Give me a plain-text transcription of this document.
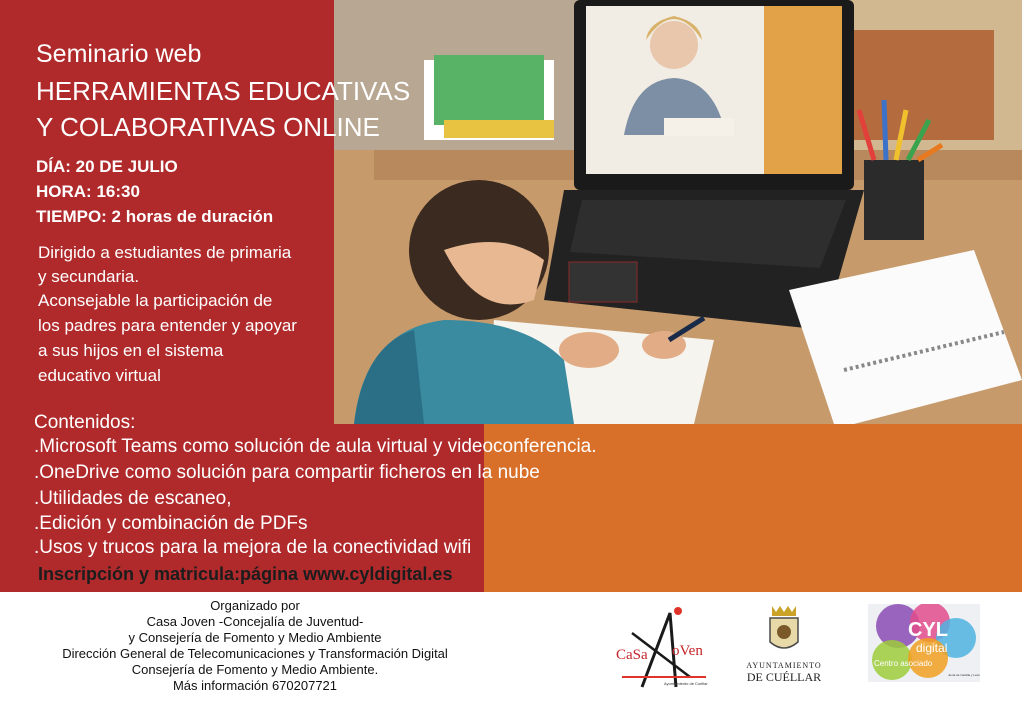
Seminario web
HERRAMIENTAS EDUCATIVAS
Y COLABORATIVAS ONLINE
DÍA: 20 DE JULIO
HORA: 16:30
TIEMPO: 2 horas de duración
Dirigido a estudiantes de primaria
y secundaria.
Aconsejable la participación de
los padres para entender y apoyar
a sus hijos en el sistema
educativo virtual
Contenidos:
.Microsoft Teams como solución de aula virtual y videoconferencia.
.OneDrive como solución para compartir ficheros en la nube
.Utilidades de escaneo,
.Edición y combinación de PDFs
.Usos y trucos para la mejora de la conectividad wifi
Inscripción y matricula:página www.cyldigital.es
Organizado por
Casa Joven -Concejalía de Juventud-
y Consejería de Fomento y Medio Ambiente
Dirección General de Telecomunicaciones y Transformación Digital
Consejería de Fomento y Medio Ambiente.
Más información 670207721
CaSa oVen
Ayuntamiento de Cuéllar
AYUNTAMIENTO
DE CUÉLLAR
CYL
digital
Centro asociado
Junta de Castilla y León
